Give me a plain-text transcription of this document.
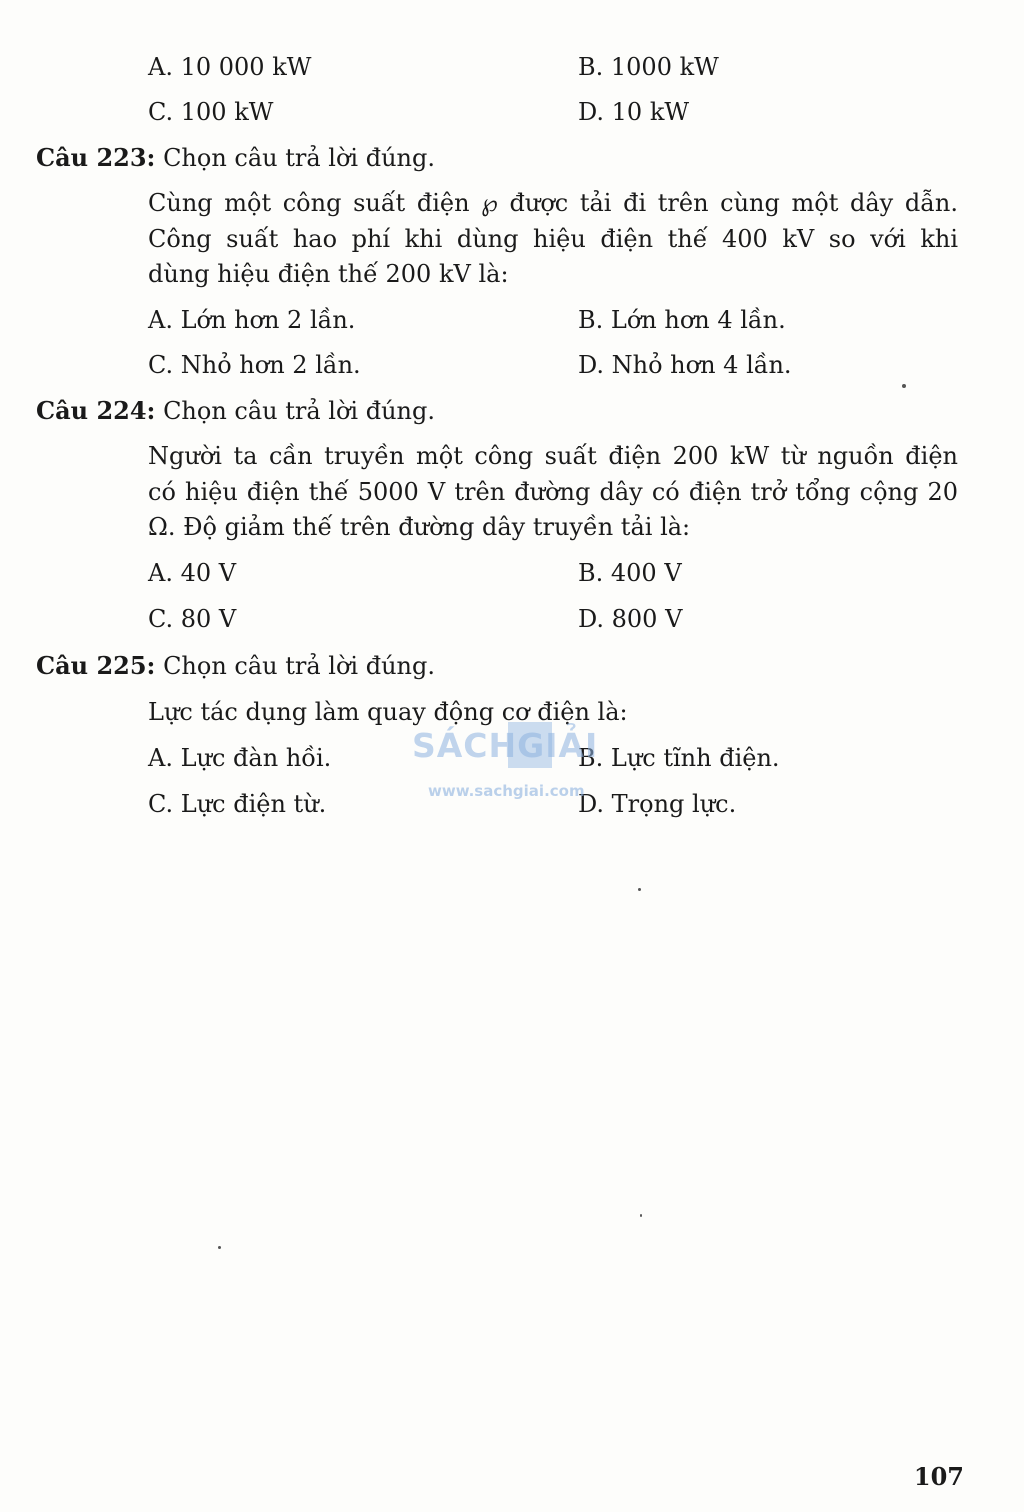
A. 10 000 kW	B. 1000 kW
C. 100 kW	D. 10 kW
Câu 223: Chọn câu trả lời đúng.
Cùng một công suất điện ℘ được tải đi trên cùng một dây dẫn.
Công suất hao phí khi dùng hiệu điện thế 400 kV so với khi
dùng hiệu điện thế 200 kV là:
A. Lớn hơn 2 lần.	B. Lớn hơn 4 lần.
C. Nhỏ hơn 2 lần.	D. Nhỏ hơn 4 lần.
Câu 224: Chọn câu trả lời đúng.
Người ta cần truyền một công suất điện 200 kW từ nguồn điện
có hiệu điện thế 5000 V trên đường dây có điện trở tổng cộng 20
Ω. Độ giảm thế trên đường dây truyền tải là:
A. 40 V	B. 400 V
C. 80 V	D. 800 V
Câu 225: Chọn câu trả lời đúng.
Lực tác dụng làm quay động cơ điện là:
A. Lực đàn hồi.	B. Lực tĩnh điện.
C. Lực điện từ.	D. Trọng lực.
SÁCHGIẢI
www.sachgiai.com
107
